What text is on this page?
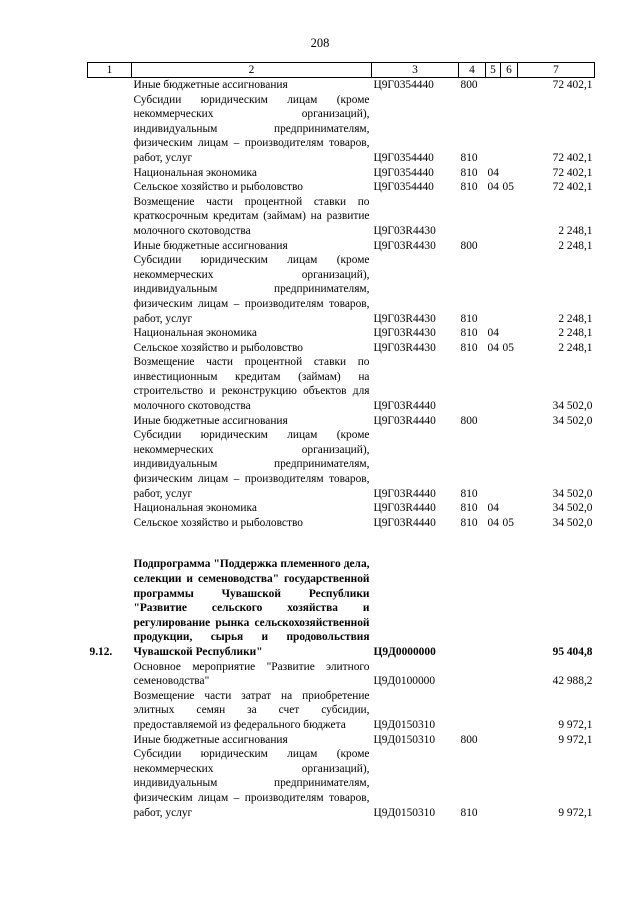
208
1	2	3	4	5	6	7
	Иные бюджетные ассигнования	Ц9Г0354440	800			72 402,1
	Субсидии юридическим лицам (кроме некоммерческих организаций), индивидуальным предпринимателям, физическим лицам – производителям товаров, работ, услуг	Ц9Г0354440	810			72 402,1
	Национальная экономика	Ц9Г0354440	810	04		72 402,1
	Сельское хозяйство и рыболовство	Ц9Г0354440	810	04	05	72 402,1
	Возмещение части процентной ставки по краткосрочным кредитам (займам) на развитие молочного скотоводства	Ц9Г03R4430				2 248,1
	Иные бюджетные ассигнования	Ц9Г03R4430	800			2 248,1
	Субсидии юридическим лицам (кроме некоммерческих организаций), индивидуальным предпринимателям, физическим лицам – производителям товаров, работ, услуг	Ц9Г03R4430	810			2 248,1
	Национальная экономика	Ц9Г03R4430	810	04		2 248,1
	Сельское хозяйство и рыболовство	Ц9Г03R4430	810	04	05	2 248,1
	Возмещение части процентной ставки по инвестиционным кредитам (займам) на строительство и реконструкцию объектов для молочного скотоводства	Ц9Г03R4440				34 502,0
	Иные бюджетные ассигнования	Ц9Г03R4440	800			34 502,0
	Субсидии юридическим лицам (кроме некоммерческих организаций), индивидуальным предпринимателям, физическим лицам – производителям товаров, работ, услуг	Ц9Г03R4440	810			34 502,0
	Национальная экономика	Ц9Г03R4440	810	04		34 502,0
	Сельское хозяйство и рыболовство	Ц9Г03R4440	810	04	05	34 502,0

9.12.	Подпрограмма "Поддержка племенного дела, селекции и семеноводства" государственной программы Чувашской Республики "Развитие сельского хозяйства и регулирование рынка сельскохозяйственной продукции, сырья и продовольствия Чувашской Республики"	Ц9Д0000000				95 404,8
	Основное мероприятие "Развитие элитного семеноводства"	Ц9Д0100000				42 988,2
	Возмещение части затрат на приобретение элитных семян за счет субсидии, предоставляемой из федерального бюджета	Ц9Д0150310				9 972,1
	Иные бюджетные ассигнования	Ц9Д0150310	800			9 972,1
	Субсидии юридическим лицам (кроме некоммерческих организаций), индивидуальным предпринимателям, физическим лицам – производителям товаров, работ, услуг	Ц9Д0150310	810			9 972,1
